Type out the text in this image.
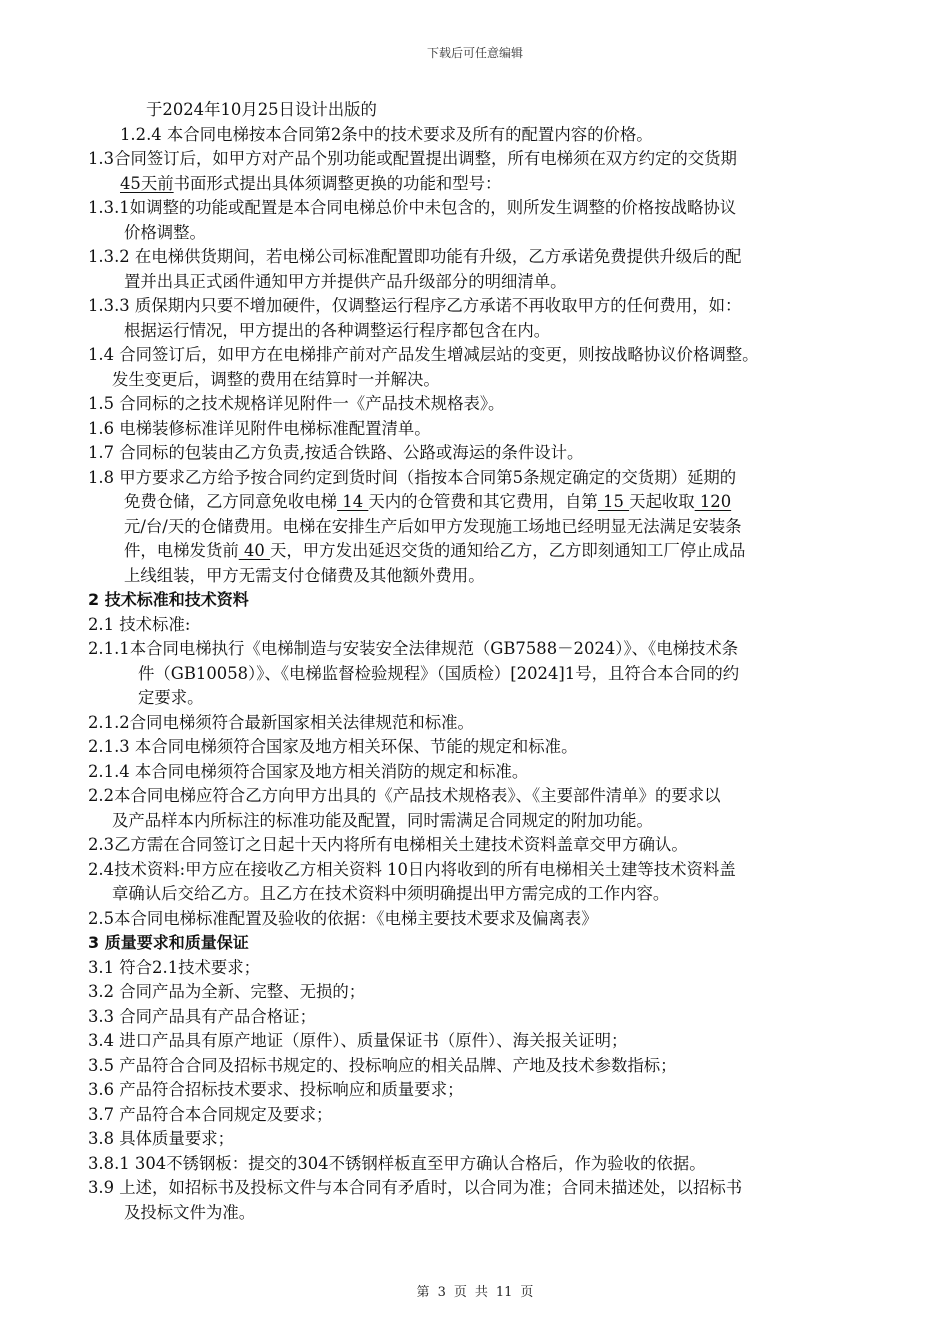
下载后可任意编辑

于2024年10月25日设计出版的

1.2.4 本合同电梯按本合同第2条中的技术要求及所有的配置内容的价格。

1.3合同签订后，如甲方对产品个别功能或配置提出调整，所有电梯须在双方约定的交货期

45天前书面形式提出具体须调整更换的功能和型号：

1.3.1如调整的功能或配置是本合同电梯总价中未包含的，则所发生调整的价格按战略协议

价格调整。

1.3.2 在电梯供货期间，若电梯公司标准配置即功能有升级，乙方承诺免费提供升级后的配

置并出具正式函件通知甲方并提供产品升级部分的明细清单。

1.3.3 质保期内只要不增加硬件，仅调整运行程序乙方承诺不再收取甲方的任何费用，如：

根据运行情况，甲方提出的各种调整运行程序都包含在内。

1.4 合同签订后，如甲方在电梯排产前对产品发生增减层站的变更，则按战略协议价格调整。

发生变更后，调整的费用在结算时一并解决。

1.5 合同标的之技术规格详见附件一《产品技术规格表》。

1.6 电梯装修标准详见附件电梯标准配置清单。

1.7 合同标的包装由乙方负责,按适合铁路、公路或海运的条件设计。

1.8 甲方要求乙方给予按合同约定到货时间（指按本合同第5条规定确定的交货期）延期的

免费仓储，乙方同意免收电梯 14 天内的仓管费和其它费用，自第 15 天起收取 120

元/台/天的仓储费用。电梯在安排生产后如甲方发现施工场地已经明显无法满足安装条

件，电梯发货前 40 天，甲方发出延迟交货的通知给乙方，乙方即刻通知工厂停止成品

上线组装，甲方无需支付仓储费及其他额外费用。

2 技术标准和技术资料

2.1 技术标准:

2.1.1本合同电梯执行《电梯制造与安装安全法律规范（GB7588－2024）》、《电梯技术条

件（GB10058）》、《电梯监督检验规程》（国质检）[2024]1号，且符合本合同的约

定要求。

2.1.2合同电梯须符合最新国家相关法律规范和标准。

2.1.3 本合同电梯须符合国家及地方相关环保、节能的规定和标准。

2.1.4 本合同电梯须符合国家及地方相关消防的规定和标准。

2.2本合同电梯应符合乙方向甲方出具的《产品技术规格表》、《主要部件清单》的要求以

及产品样本内所标注的标准功能及配置，同时需满足合同规定的附加功能。

2.3乙方需在合同签订之日起十天内将所有电梯相关土建技术资料盖章交甲方确认。

2.4技术资料:甲方应在接收乙方相关资料 10日内将收到的所有电梯相关土建等技术资料盖

章确认后交给乙方。且乙方在技术资料中须明确提出甲方需完成的工作内容。

2.5本合同电梯标准配置及验收的依据：《电梯主要技术要求及偏离表》

3 质量要求和质量保证

3.1 符合2.1技术要求；

3.2 合同产品为全新、完整、无损的；

3.3 合同产品具有产品合格证；

3.4 进口产品具有原产地证（原件）、质量保证书（原件）、海关报关证明；

3.5 产品符合合同及招标书规定的、投标响应的相关品牌、产地及技术参数指标；

3.6 产品符合招标技术要求、投标响应和质量要求；

3.7 产品符合本合同规定及要求；

3.8 具体质量要求；

3.8.1 304不锈钢板：提交的304不锈钢样板直至甲方确认合格后，作为验收的依据。

3.9 上述，如招标书及投标文件与本合同有矛盾时，以合同为准；合同未描述处，以招标书

及投标文件为准。

第 3 页 共 11 页
